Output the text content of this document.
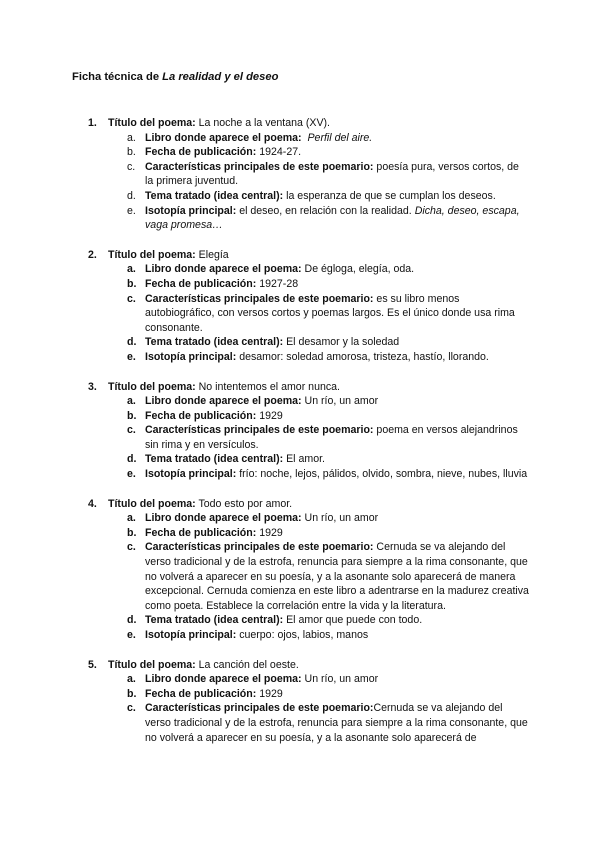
Ficha técnica de La realidad y el deseo
1. Título del poema: La noche a la ventana (XV).
a. Libro donde aparece el poema: Perfil del aire.
b. Fecha de publicación: 1924-27.
c. Características principales de este poemario: poesía pura, versos cortos, de la primera juventud.
d. Tema tratado (idea central): la esperanza de que se cumplan los deseos.
e. Isotopía principal: el deseo, en relación con la realidad. Dicha, deseo, escapa, vaga promesa…
2. Título del poema: Elegía
a. Libro donde aparece el poema: De égloga, elegía, oda.
b. Fecha de publicación: 1927-28
c. Características principales de este poemario: es su libro menos autobiográfico, con versos cortos y poemas largos. Es el único donde usa rima consonante.
d. Tema tratado (idea central): El desamor y la soledad
e. Isotopía principal: desamor: soledad amorosa, tristeza, hastío, llorando.
3. Título del poema: No intentemos el amor nunca.
a. Libro donde aparece el poema: Un río, un amor
b. Fecha de publicación: 1929
c. Características principales de este poemario: poema en versos alejandrinos sin rima y en versículos.
d. Tema tratado (idea central): El amor.
e. Isotopía principal: frío: noche, lejos, pálidos, olvido, sombra, nieve, nubes, lluvia
4. Título del poema: Todo esto por amor.
a. Libro donde aparece el poema: Un río, un amor
b. Fecha de publicación: 1929
c. Características principales de este poemario: Cernuda se va alejando del verso tradicional y de la estrofa, renuncia para siempre a la rima consonante, que no volverá a aparecer en su poesía, y a la asonante solo aparecerá de manera excepcional. Cernuda comienza en este libro a adentrarse en la madurez creativa como poeta. Establece la correlación entre la vida y la literatura.
d. Tema tratado (idea central): El amor que puede con todo.
e. Isotopía principal: cuerpo: ojos, labios, manos
5. Título del poema: La canción del oeste.
a. Libro donde aparece el poema: Un río, un amor
b. Fecha de publicación: 1929
c. Características principales de este poemario:Cernuda se va alejando del verso tradicional y de la estrofa, renuncia para siempre a la rima consonante, que no volverá a aparecer en su poesía, y a la asonante solo aparecerá de
